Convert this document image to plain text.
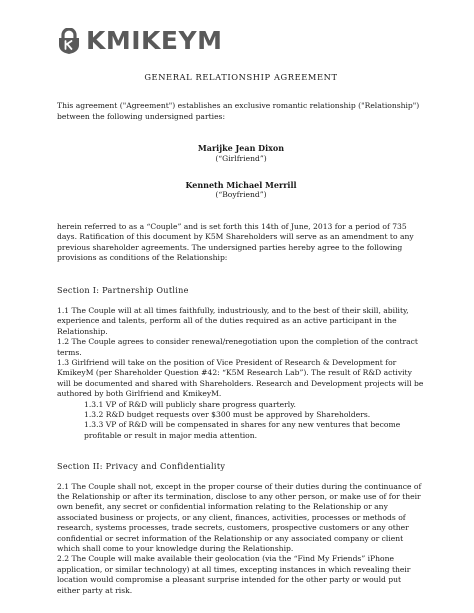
KMIKEYM

GENERAL RELATIONSHIP AGREEMENT

This agreement ("Agreement") establishes an exclusive romantic relationship ("Relationship") between the following undersigned parties:

Marijke Jean Dixon
(“Girlfriend”)
Kenneth Michael Merrill
(“Boyfriend”)

herein referred to as a “Couple” and is set forth this 14th of June, 2013 for a period of 735 days. Ratification of this document by K5M Shareholders will serve as an amendment to any previous shareholder agreements. The undersigned parties hereby agree to the following provisions as conditions of the Relationship:

Section I: Partnership Outline

1.1 The Couple will at all times faithfully, industriously, and to the best of their skill, ability, experience and talents, perform all of the duties required as an active participant in the Relationship.

1.2 The Couple agrees to consider renewal/renegotiation upon the completion of the contract terms.

1.3 Girlfriend will take on the position of Vice President of Research & Development for KmikeyM (per Shareholder Question #42: “K5M Research Lab”). The result of R&D activity will be documented and shared with Shareholders. Research and Development projects will be authored by both Girlfriend and KmikeyM.

1.3.1 VP of R&D will publicly share progress quarterly.

1.3.2 R&D budget requests over $300 must be approved by Shareholders.

1.3.3 VP of R&D will be compensated in shares for any new ventures that become profitable or result in major media attention.

Section II: Privacy and Confidentiality

2.1 The Couple shall not, except in the proper course of their duties during the continuance of the Relationship or after its termination, disclose to any other person, or make use of for their own benefit, any secret or confidential information relating to the Relationship or any associated business or projects, or any client, finances, activities, processes or methods of research, systems processes, trade secrets, customers, prospective customers or any other confidential or secret information of the Relationship or any associated company or client which shall come to your knowledge during the Relationship.

2.2 The Couple will make available their geolocation (via the “Find My Friends” iPhone application, or similar technology) at all times, excepting instances in which revealing their location would compromise a pleasant surprise intended for the other party or would put either party at risk.
